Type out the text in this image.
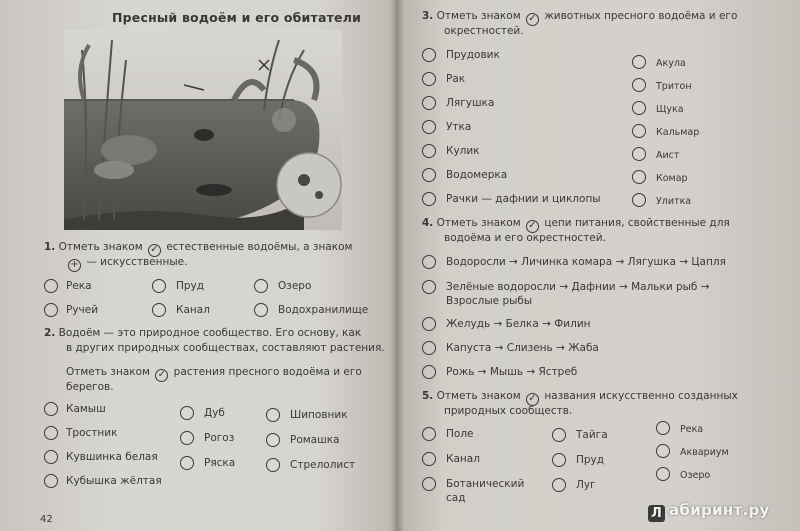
Пресный водоём и его обитатели
1. Отметь знаком ✓ естественные водоёмы, а знаком
+ — искусственные.
Река	Пруд	Озеро
Ручей	Канал	Водохранилище
2. Водоём — это природное сообщество. Его основу, как
в других природных сообществах, составляют растения.
Отметь знаком ✓ растения пресного водоёма и его
берегов.
Камыш
Тростник
Кувшинка белая
Кубышка жёлтая
Дуб
Рогоз
Ряска
Шиповник
Ромашка
Стрелолист
42
3. Отметь знаком ✓ животных пресного водоёма и его
окрестностей.
Прудовик
Рак
Лягушка
Утка
Кулик
Водомерка
Рачки — дафнии и циклопы
Акула
Тритон
Щука
Кальмар
Аист
Комар
Улитка
4. Отметь знаком ✓ цепи питания, свойственные для
водоёма и его окрестностей.
Водоросли → Личинка комара → Лягушка → Цапля
Зелёные водоросли → Дафнии → Мальки рыб →
Взрослые рыбы
Желудь → Белка → Филин
Капуста → Слизень → Жаба
Рожь → Мышь → Ястреб
5. Отметь знаком ✓ названия искусственно созданных
природных сообществ.
Поле
Канал
Ботанический
сад
Тайга
Пруд
Луг
Река
Аквариум
Озеро
Л абиринт.ру
